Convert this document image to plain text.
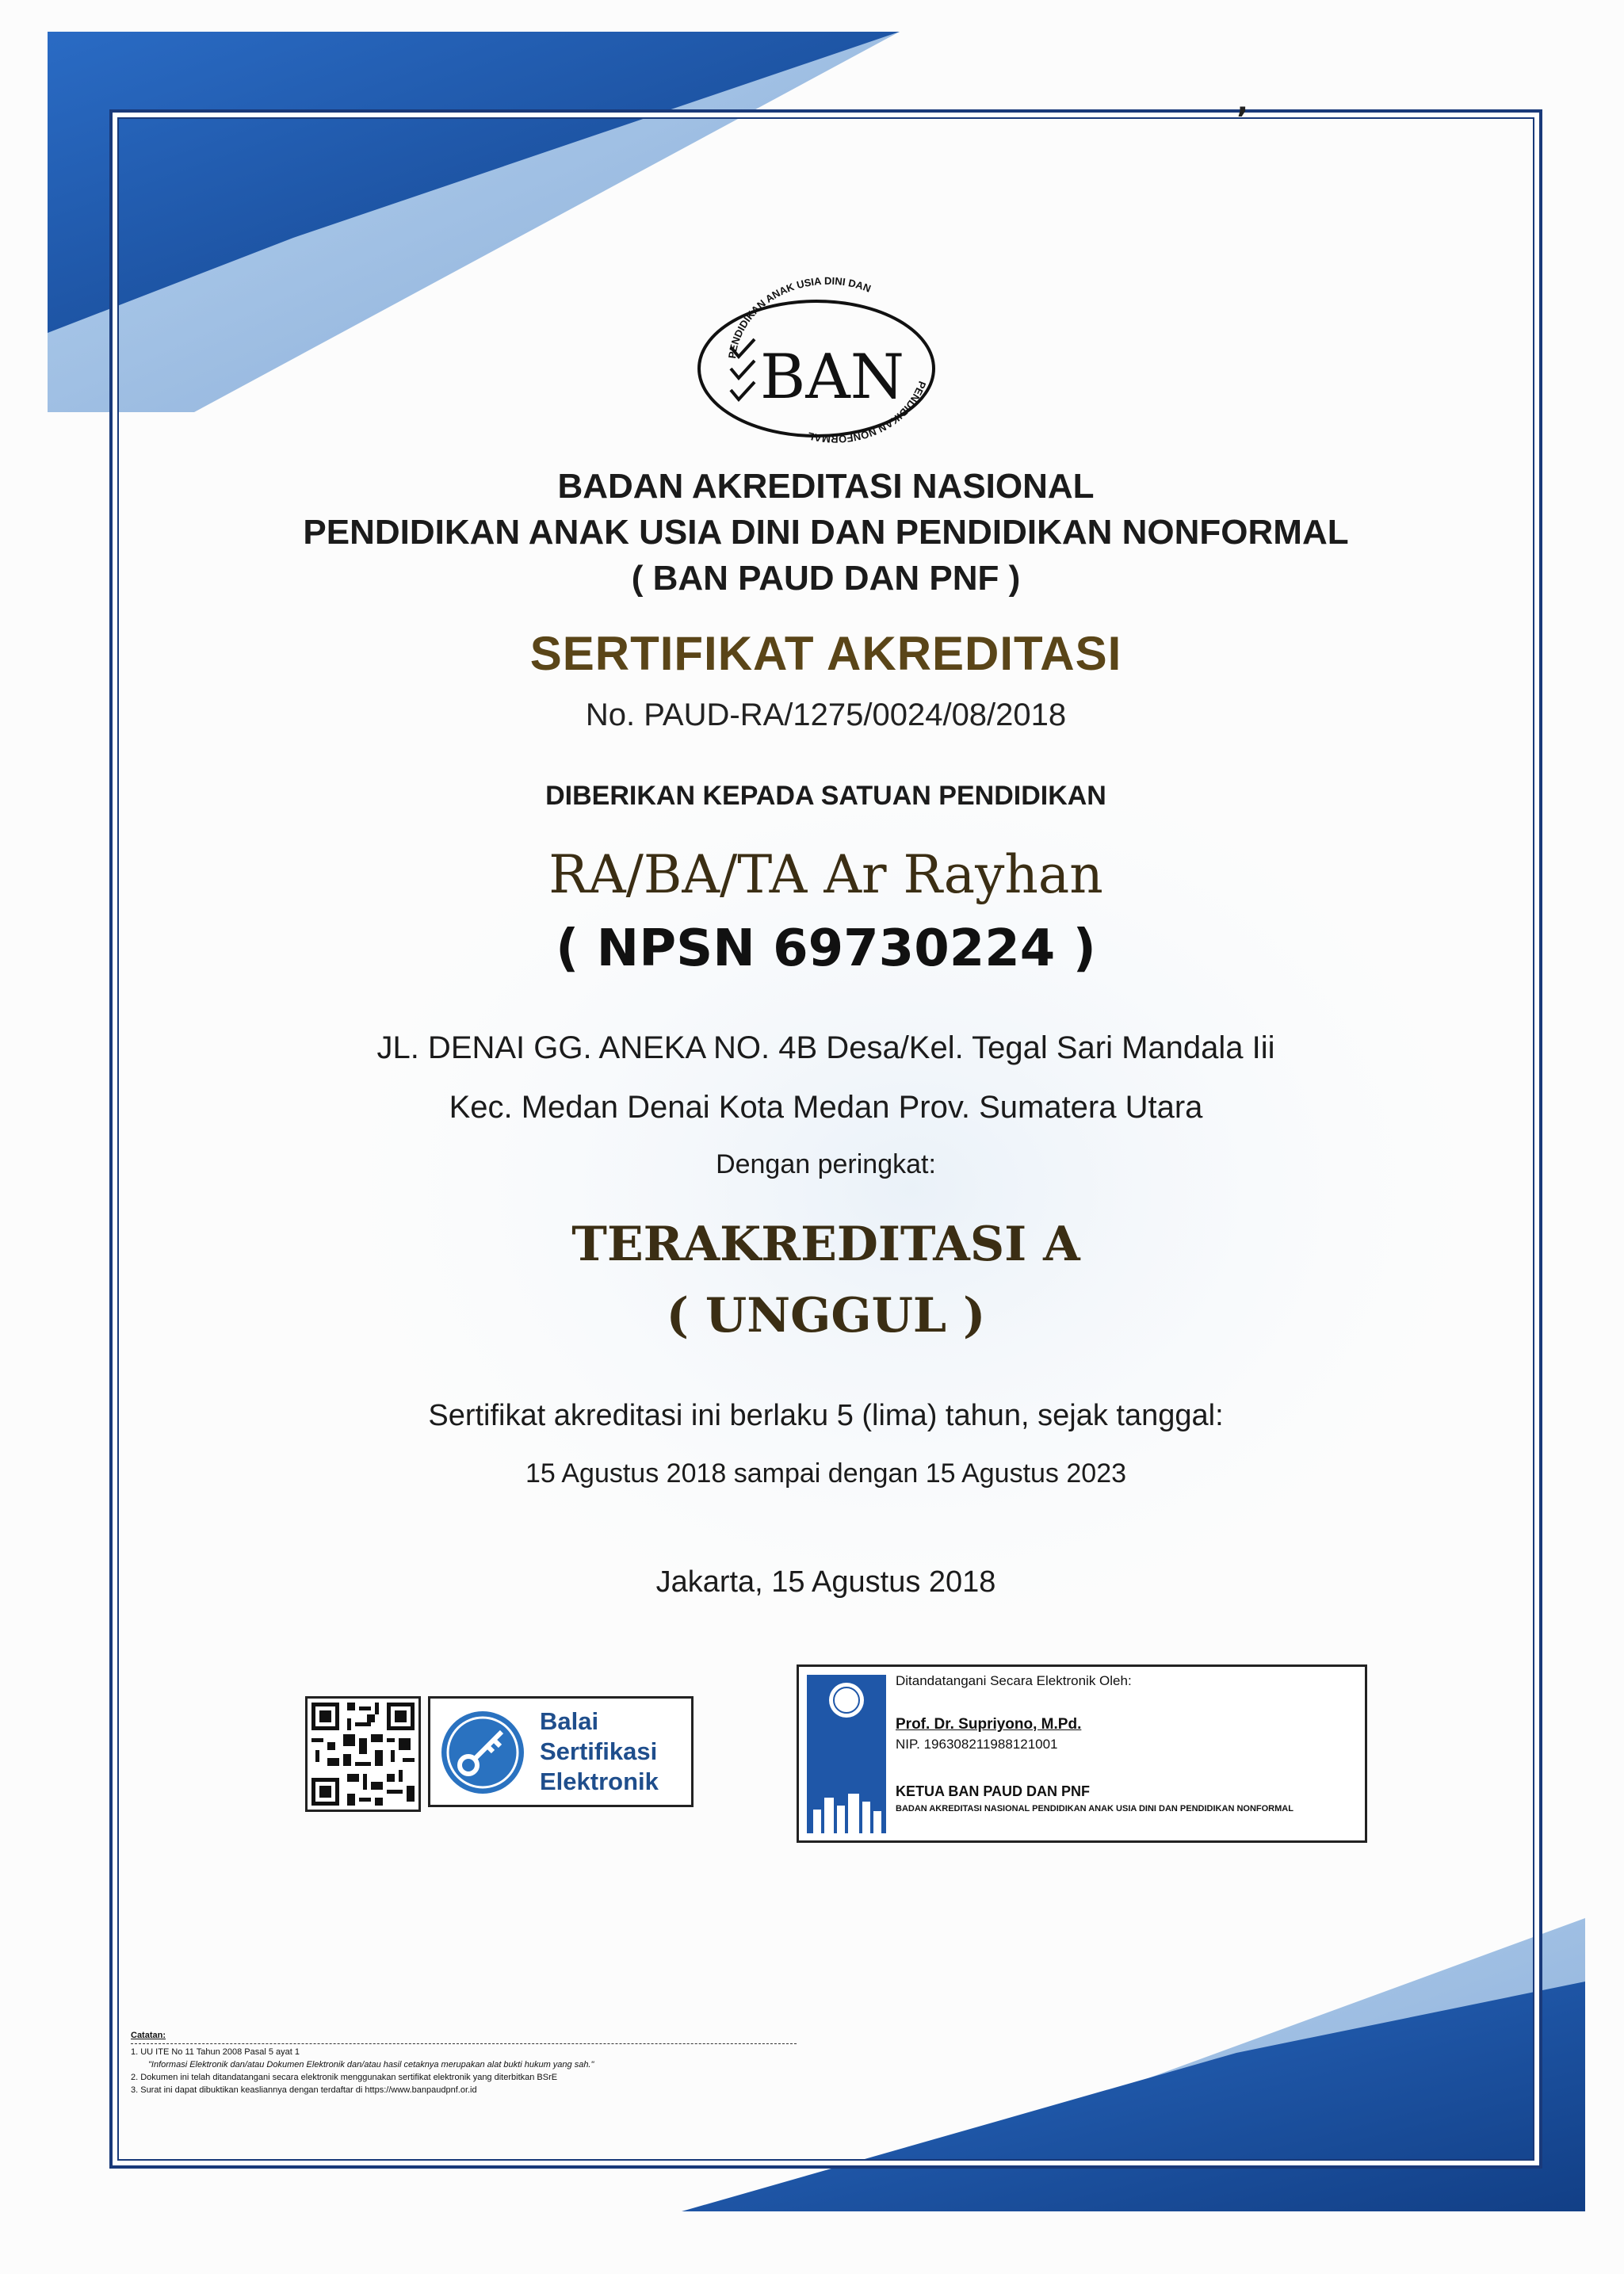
’
PENDIDIKAN ANAK USIA DINI DAN
PENDIDIKAN NONFORMAL
BAN
BADAN AKREDITASI NASIONAL
PENDIDIKAN ANAK USIA DINI DAN PENDIDIKAN NONFORMAL
( BAN PAUD DAN PNF )
SERTIFIKAT AKREDITASI
No. PAUD-RA/1275/0024/08/2018
DIBERIKAN KEPADA SATUAN PENDIDIKAN
RA/BA/TA Ar Rayhan
( NPSN 69730224 )
JL. DENAI GG. ANEKA NO. 4B Desa/Kel. Tegal Sari Mandala Iii
Kec. Medan Denai Kota Medan Prov. Sumatera Utara
Dengan peringkat:
TERAKREDITASI A
( UNGGUL )
Sertifikat akreditasi ini berlaku 5 (lima) tahun, sejak tanggal:
15 Agustus 2018 sampai dengan 15 Agustus 2023
Jakarta, 15 Agustus 2018
Balai
Sertifikasi
Elektronik
Ditandatangani Secara Elektronik Oleh:
Prof. Dr. Supriyono, M.Pd.
NIP. 196308211988121001
KETUA BAN PAUD DAN PNF
BADAN AKREDITASI NASIONAL PENDIDIKAN ANAK USIA DINI DAN PENDIDIKAN NONFORMAL
Catatan:
1. UU ITE No 11 Tahun 2008 Pasal 5 ayat 1
"Informasi Elektronik dan/atau Dokumen Elektronik dan/atau hasil cetaknya merupakan alat bukti hukum yang sah."
2. Dokumen ini telah ditandatangani secara elektronik menggunakan sertifikat elektronik yang diterbitkan BSrE
3. Surat ini dapat dibuktikan keasliannya dengan terdaftar di https://www.banpaudpnf.or.id
